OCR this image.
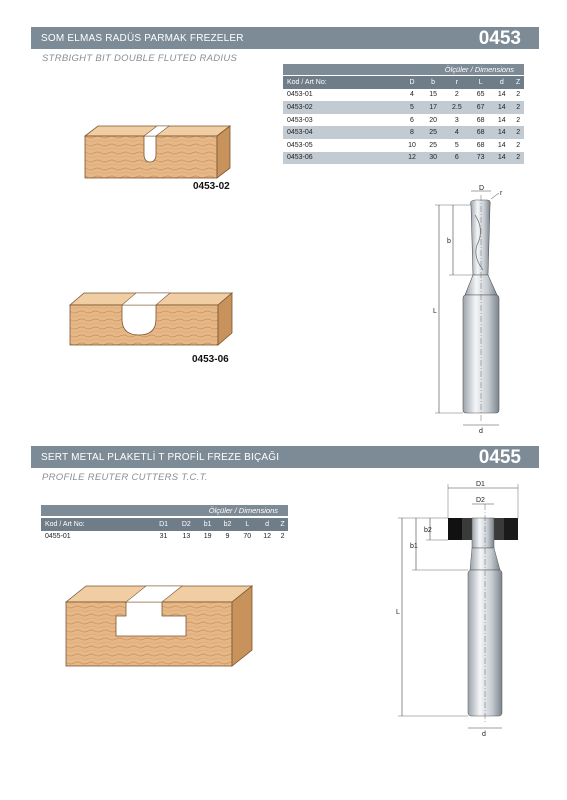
SOM ELMAS RADÜS PARMAK FREZELER	0453
STRBIGHT BIT DOUBLE FLUTED RADIUS
Ölçüler / Dimensions
Kod / Art No:	D	b	r	L	d	Z
0453-01	4	15	2	65	14	2
0453-02	5	17	2.5	67	14	2
0453-03	6	20	3	68	14	2
0453-04	8	25	4	68	14	2
0453-05	10	25	5	68	14	2
0453-06	12	30	6	73	14	2
0453-02
0453-06
D
r
b
L
d
SERT METAL PLAKETLİ T PROFİL FREZE BIÇAĞI	0455
PROFILE REUTER CUTTERS T.C.T.
Ölçüler / Dimensions
Kod / Art No:	D1	D2	b1	b2	L	d	Z
0455-01	31	13	19	9	70	12	2
D1
D2
b2
b1
L
d
